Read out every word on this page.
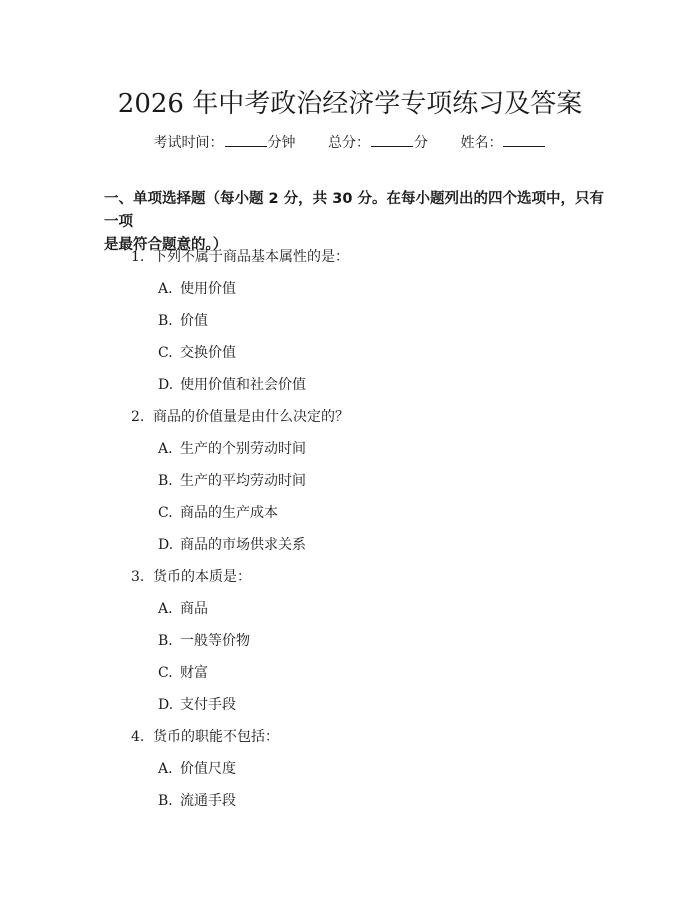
2026 年中考政治经济学专项练习及答案
考试时间：	分钟 总分：	分 姓名：
一、单项选择题（每小题 2 分，共 30 分。在每小题列出的四个选项中，只有一项
是最符合题意的。）
1. 下列不属于商品基本属性的是：
A. 使用价值
B. 价值
C. 交换价值
D. 使用价值和社会价值
2. 商品的价值量是由什么决定的？
A. 生产的个别劳动时间
B. 生产的平均劳动时间
C. 商品的生产成本
D. 商品的市场供求关系
3. 货币的本质是：
A. 商品
B. 一般等价物
C. 财富
D. 支付手段
4. 货币的职能不包括：
A. 价值尺度
B. 流通手段
